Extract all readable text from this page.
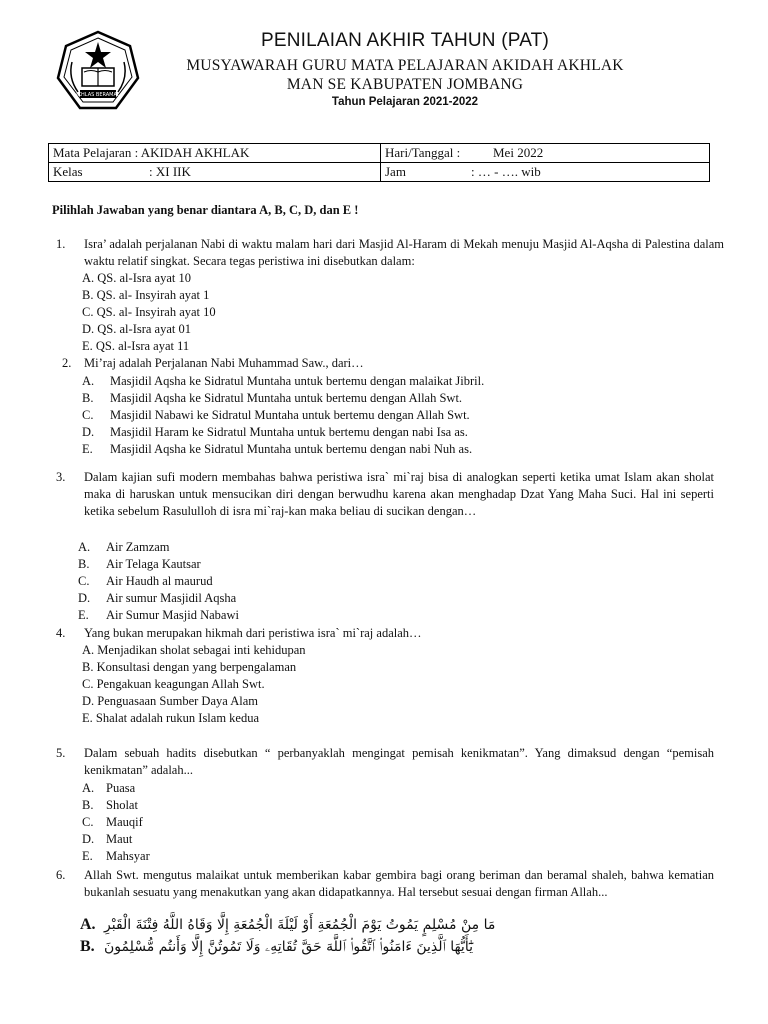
IKHLAS BERAMAL
PENILAIAN AKHIR TAHUN (PAT)
MUSYAWARAH GURU MATA PELAJARAN AKIDAH AKHLAK
MAN SE KABUPATEN JOMBANG
Tahun Pelajaran 2021-2022
Mata Pelajaran : AKIDAH AKHLAK	Hari/Tanggal : Mei 2022
Kelas : XI IIK	Jam : … - …. wib
Pilihlah Jawaban yang benar diantara A, B, C, D, dan E !
1. Isra’ adalah perjalanan Nabi di waktu malam hari dari Masjid Al-Haram di Mekah menuju Masjid Al-Aqsha di Palestina dalam waktu relatif singkat. Secara tegas peristiwa ini disebutkan dalam:
A. QS. al-Isra ayat 10
B. QS. al- Insyirah ayat 1
C. QS. al- Insyirah ayat 10
D. QS. al-Isra ayat 01
E. QS. al-Isra ayat 11
2. Mi’raj adalah Perjalanan Nabi Muhammad Saw., dari…
A. Masjidil Aqsha ke Sidratul Muntaha untuk bertemu dengan malaikat Jibril.
B. Masjidil Aqsha ke Sidratul Muntaha untuk bertemu dengan Allah Swt.
C. Masjidil Nabawi ke Sidratul Muntaha untuk bertemu dengan Allah Swt.
D. Masjidil Haram ke Sidratul Muntaha untuk bertemu dengan nabi Isa as.
E. Masjidil Aqsha ke Sidratul Muntaha untuk bertemu dengan nabi Nuh as.
3. Dalam kajian sufi modern membahas bahwa peristiwa isra` mi`raj bisa di analogkan seperti ketika umat Islam akan sholat maka di haruskan untuk mensucikan diri dengan berwudhu karena akan menghadap Dzat Yang Maha Suci. Hal ini seperti ketika sebelum Rasululloh di isra mi`raj-kan maka beliau di sucikan dengan…
A. Air Zamzam
B. Air Telaga Kautsar
C. Air Haudh al maurud
D. Air sumur Masjidil Aqsha
E. Air Sumur Masjid Nabawi
4. Yang bukan merupakan hikmah dari peristiwa isra` mi`raj adalah…
A. Menjadikan sholat sebagai inti kehidupan
B. Konsultasi dengan yang berpengalaman
C. Pengakuan keagungan Allah Swt.
D. Penguasaan Sumber Daya Alam
E. Shalat adalah rukun Islam kedua
5. Dalam sebuah hadits disebutkan “ perbanyaklah mengingat pemisah kenikmatan”. Yang dimaksud dengan “pemisah kenikmatan” adalah...
A. Puasa
B. Sholat
C. Mauqif
D. Maut
E. Mahsyar
6. Allah Swt. mengutus malaikat untuk memberikan kabar gembira bagi orang beriman dan beramal shaleh, bahwa kematian bukanlah sesuatu yang menakutkan yang akan didapatkannya. Hal tersebut sesuai dengan firman Allah...
A. مَا مِنْ مُسْلِمٍ يَمُوتُ يَوْمَ الْجُمُعَةِ أَوْ لَيْلَةَ الْجُمُعَةِ إِلَّا وَقَاهُ اللَّهُ فِتْنَةَ الْقَبْرِ
B. يَٰٓأَيُّهَا ٱلَّذِينَ ءَامَنُوا۟ ٱتَّقُوا۟ ٱللَّهَ حَقَّ تُقَاتِهِۦ وَلَا تَمُوتُنَّ إِلَّا وَأَنتُم مُّسْلِمُونَ
